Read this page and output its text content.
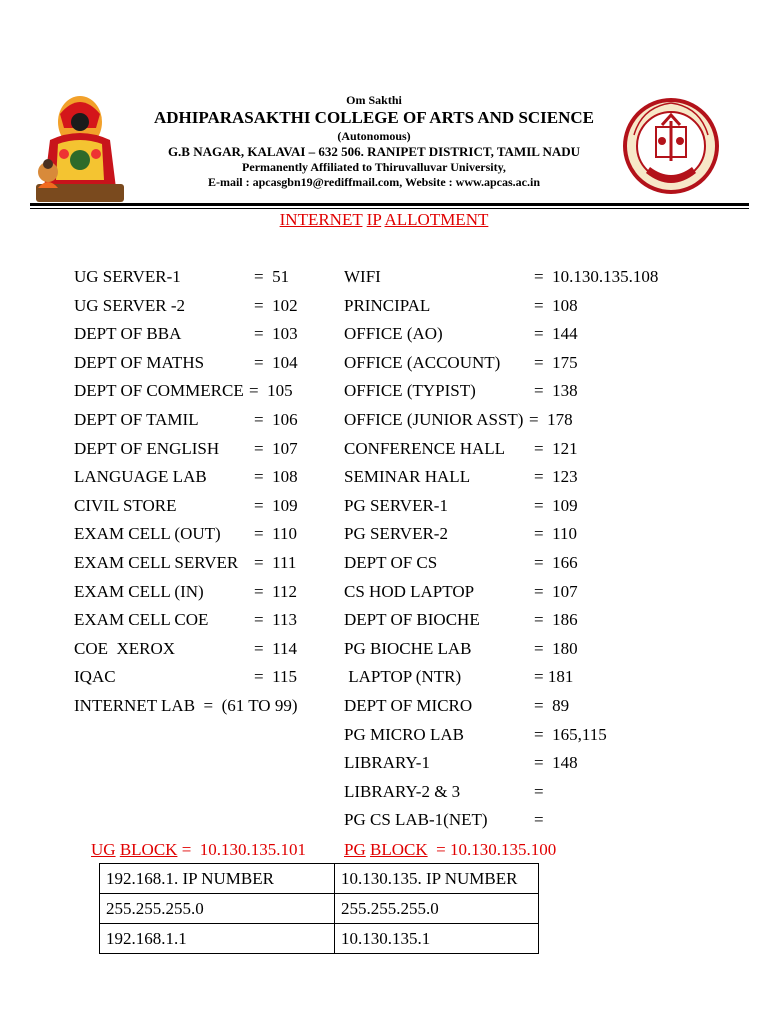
Om Sakthi
ADHIPARASAKTHI COLLEGE OF ARTS AND SCIENCE
(Autonomous)
G.B NAGAR, KALAVAI – 632 506. RANIPET DISTRICT, TAMIL NADU
Permanently Affiliated to Thiruvalluvar University,
E-mail : apcasgbn19@rediffmail.com, Website : www.apcas.ac.in
INTERNET IP ALLOTMENT
UG SERVER-1	=  51
UG SERVER -2	=  102
DEPT OF BBA	=  103
DEPT OF MATHS	=  104
DEPT OF COMMERCE =  105
DEPT OF TAMIL	=  106
DEPT OF ENGLISH =  107
LANGUAGE LAB	=  108
CIVIL STORE	=  109
EXAM CELL (OUT) =  110
EXAM CELL SERVER =  111
EXAM CELL (IN)	=  112
EXAM CELL COE	=  113
COE  XEROX	=  114
IQAC	=  115
INTERNET LAB  =  (61 TO 99)
WIFI	=  10.130.135.108
PRINCIPAL	=  108
OFFICE (AO)	=  144
OFFICE (ACCOUNT) =  175
OFFICE (TYPIST)	=  138
OFFICE (JUNIOR ASST) =  178
CONFERENCE HALL =  121
SEMINAR HALL	=  123
PG SERVER-1	=  109
PG SERVER-2	=  110
DEPT OF CS	=  166
CS HOD LAPTOP	=  107
DEPT OF BIOCHE	=  186
PG BIOCHE LAB	=  180
LAPTOP (NTR)	= 181
DEPT OF MICRO	=  89
PG MICRO LAB	=  165,115
LIBRARY-1	=  148
LIBRARY-2 & 3	=
PG CS LAB-1(NET)	=
UG BLOCK =  10.130.135.101 PG BLOCK  = 10.130.135.100
192.168.1. IP NUMBER	10.130.135. IP NUMBER
255.255.255.0	255.255.255.0
192.168.1.1	10.130.135.1
